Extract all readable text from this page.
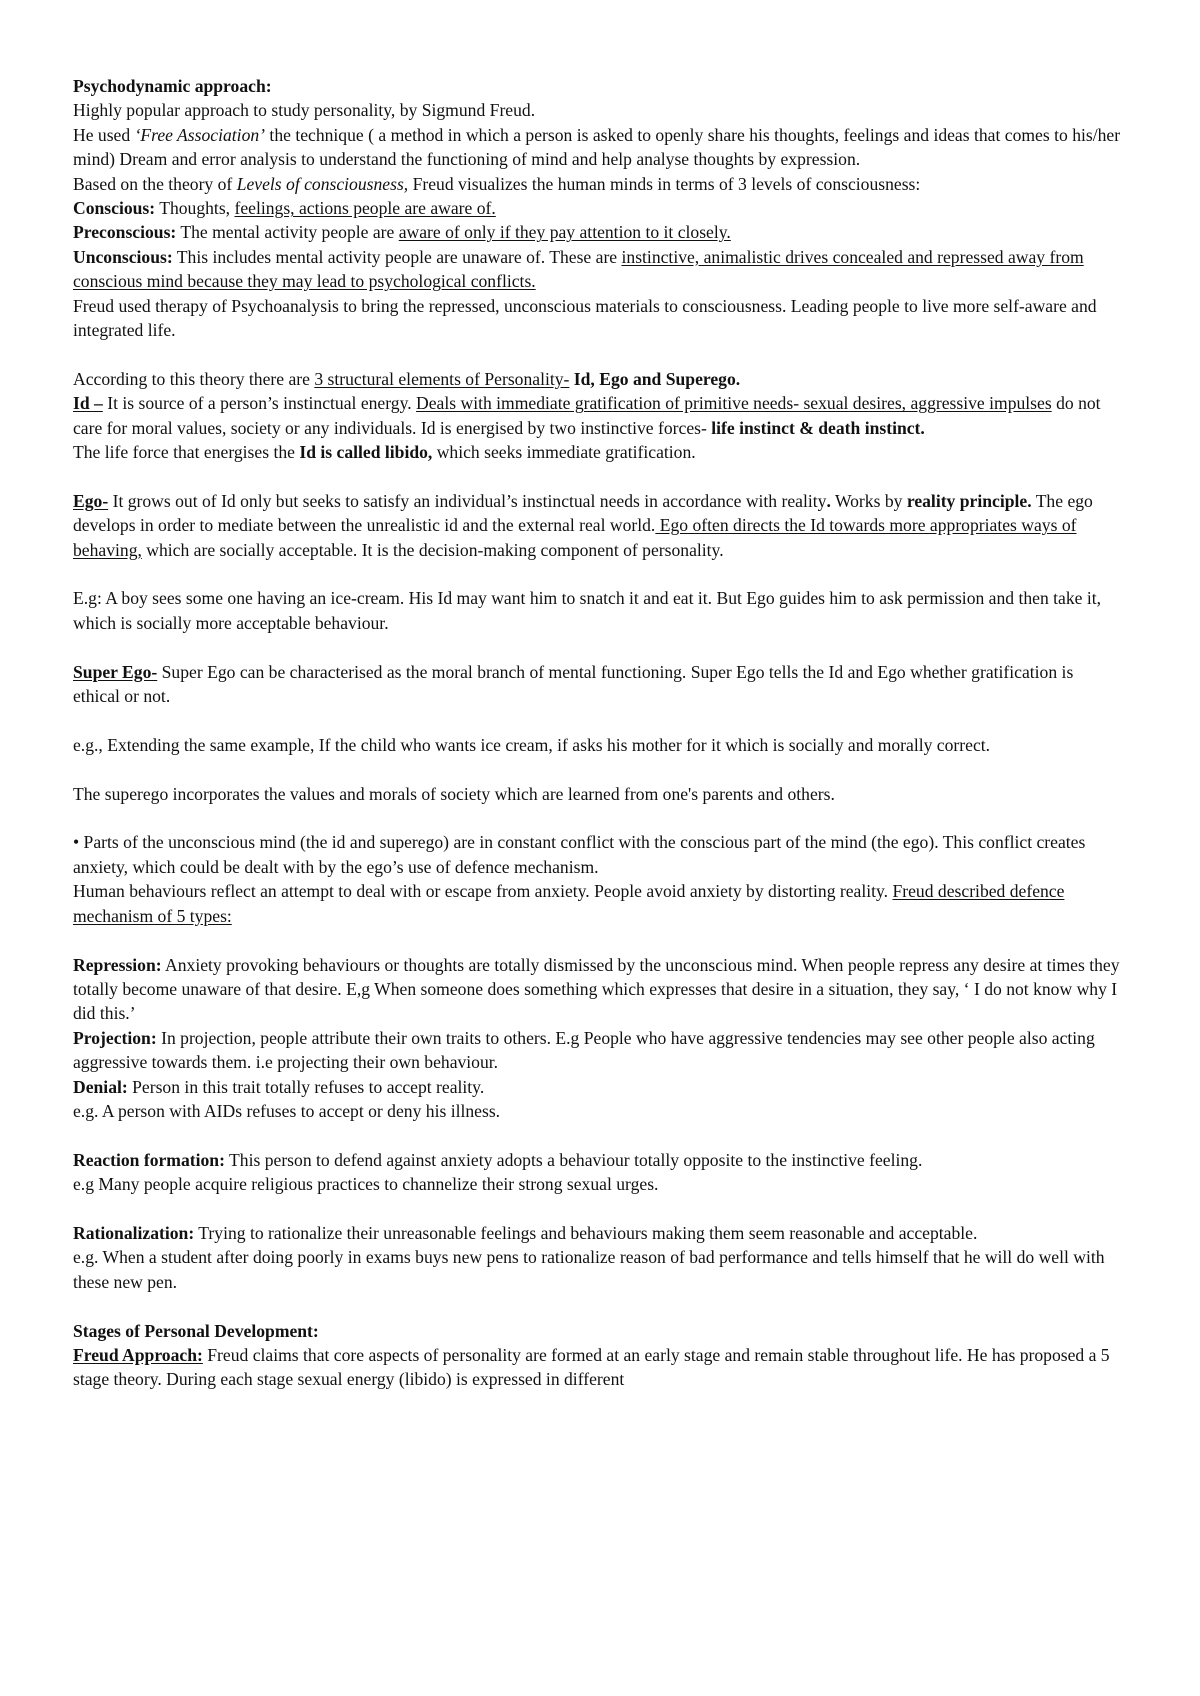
Psychodynamic approach:

Highly popular approach to study personality, by Sigmund Freud.

He used ‘Free Association’ the technique ( a method in which a person is asked to openly share his thoughts, feelings and ideas that comes to his/her mind) Dream and error analysis to understand the functioning of mind and help analyse thoughts by expression.

Based on the theory of Levels of consciousness, Freud visualizes the human minds in terms of 3 levels of consciousness:

Conscious: Thoughts, feelings, actions people are aware of.

Preconscious: The mental activity people are aware of only if they pay attention to it closely.

Unconscious: This includes mental activity people are unaware of. These are instinctive, animalistic drives concealed and repressed away from conscious mind because they may lead to psychological conflicts.

Freud used therapy of Psychoanalysis to bring the repressed, unconscious materials to consciousness. Leading people to live more self-aware and integrated life.

According to this theory there are 3 structural elements of Personality- Id, Ego and Superego.

Id – It is source of a person’s instinctual energy. Deals with immediate gratification of primitive needs- sexual desires, aggressive impulses do not care for moral values, society or any individuals. Id is energised by two instinctive forces- life instinct & death instinct.

The life force that energises the Id is called libido, which seeks immediate gratification.

Ego- It grows out of Id only but seeks to satisfy an individual’s instinctual needs in accordance with reality. Works by reality principle. The ego develops in order to mediate between the unrealistic id and the external real world. Ego often directs the Id towards more appropriates ways of behaving, which are socially acceptable. It is the decision-making component of personality.

E.g: A boy sees some one having an ice-cream. His Id may want him to snatch it and eat it. But Ego guides him to ask permission and then take it, which is socially more acceptable behaviour.

Super Ego- Super Ego can be characterised as the moral branch of mental functioning. Super Ego tells the Id and Ego whether gratification is ethical or not.

e.g., Extending the same example, If the child who wants ice cream, if asks his mother for it which is socially and morally correct.

The superego incorporates the values and morals of society which are learned from one's parents and others.

• Parts of the unconscious mind (the id and superego) are in constant conflict with the conscious part of the mind (the ego). This conflict creates anxiety, which could be dealt with by the ego’s use of defence mechanism.

Human behaviours reflect an attempt to deal with or escape from anxiety. People avoid anxiety by distorting reality. Freud described defence mechanism of 5 types:

Repression: Anxiety provoking behaviours or thoughts are totally dismissed by the unconscious mind. When people repress any desire at times they totally become unaware of that desire. E,g When someone does something which expresses that desire in a situation, they say, ‘ I do not know why I did this.’

Projection: In projection, people attribute their own traits to others. E.g People who have aggressive tendencies may see other people also acting aggressive towards them. i.e projecting their own behaviour.

Denial: Person in this trait totally refuses to accept reality.

e.g. A person with AIDs refuses to accept or deny his illness.

Reaction formation: This person to defend against anxiety adopts a behaviour totally opposite to the instinctive feeling.

e.g Many people acquire religious practices to channelize their strong sexual urges.

Rationalization: Trying to rationalize their unreasonable feelings and behaviours making them seem reasonable and acceptable.

e.g. When a student after doing poorly in exams buys new pens to rationalize reason of bad performance and tells himself that he will do well with these new pen.

Stages of Personal Development:

Freud Approach: Freud claims that core aspects of personality are formed at an early stage and remain stable throughout life. He has proposed a 5 stage theory. During each stage sexual energy (libido) is expressed in different
